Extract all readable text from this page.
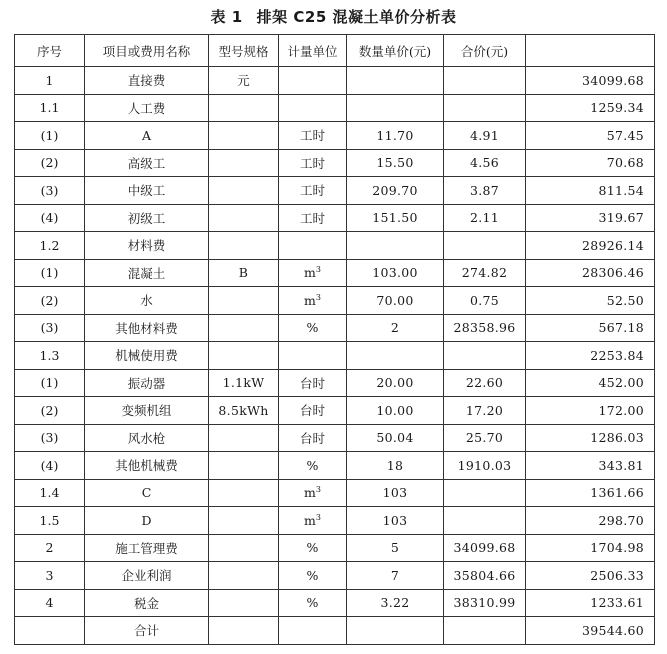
表 1 排架 C25 混凝土单价分析表
序号	项目或费用名称	型号规格	计量单位	数量单价(元)	合价(元)	
1	直接费	元				34099.68
1.1	人工费					1259.34
(1)	A		工时	11.70	4.91	57.45
(2)	高级工		工时	15.50	4.56	70.68
(3)	中级工		工时	209.70	3.87	811.54
(4)	初级工		工时	151.50	2.11	319.67
1.2	材料费					28926.14
(1)	混凝土	B	$m^3$	103.00	274.82	28306.46
(2)	水		$m^3$	70.00	0.75	52.50
(3)	其他材料费		%	2	28358.96	567.18
1.3	机械使用费					2253.84
(1)	振动器	1.1kW	台时	20.00	22.60	452.00
(2)	变频机组	8.5kWh	台时	10.00	17.20	172.00
(3)	风水枪		台时	50.04	25.70	1286.03
(4)	其他机械费		%	18	1910.03	343.81
1.4	C		$m^3$	103		1361.66
1.5	D		$m^3$	103		298.70
2	施工管理费		%	5	34099.68	1704.98
3	企业利润		%	7	35804.66	2506.33
4	税金		%	3.22	38310.99	1233.61
	合计					39544.60
